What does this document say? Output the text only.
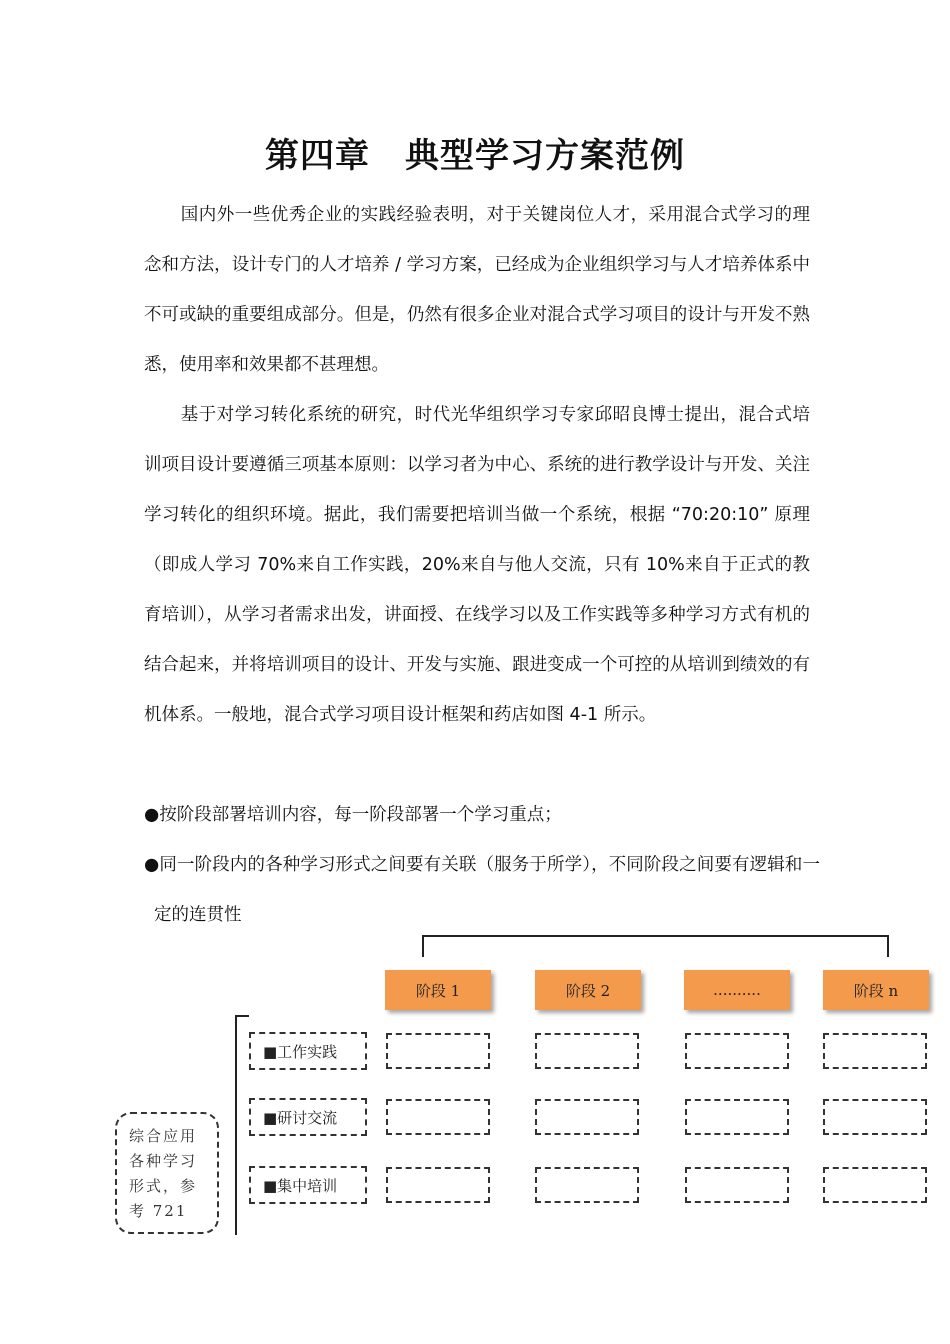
第四章　典型学习方案范例

国内外一些优秀企业的实践经验表明，对于关键岗位人才，采用混合式学习的理念和方法，设计专门的人才培养 / 学习方案，已经成为企业组织学习与人才培养体系中不可或缺的重要组成部分。但是，仍然有很多企业对混合式学习项目的设计与开发不熟悉，使用率和效果都不甚理想。

基于对学习转化系统的研究，时代光华组织学习专家邱昭良博士提出，混合式培训项目设计要遵循三项基本原则：以学习者为中心、系统的进行教学设计与开发、关注学习转化的组织环境。据此，我们需要把培训当做一个系统，根据 “70:20:10” 原理（即成人学习 70%来自工作实践，20%来自与他人交流，只有 10%来自于正式的教育培训），从学习者需求出发，讲面授、在线学习以及工作实践等多种学习方式有机的结合起来，并将培训项目的设计、开发与实施、跟进变成一个可控的从培训到绩效的有机体系。一般地，混合式学习项目设计框架和药店如图 4-1 所示。

●按阶段部署培训内容，每一阶段部署一个学习重点；

●同一阶段内的各种学习形式之间要有关联（服务于所学），不同阶段之间要有逻辑和一定的连贯性

阶段 1	阶段 2	..........	阶段 n
■工作实践
■研讨交流
■集中培训
综合应用各种学习形式，参考 721
